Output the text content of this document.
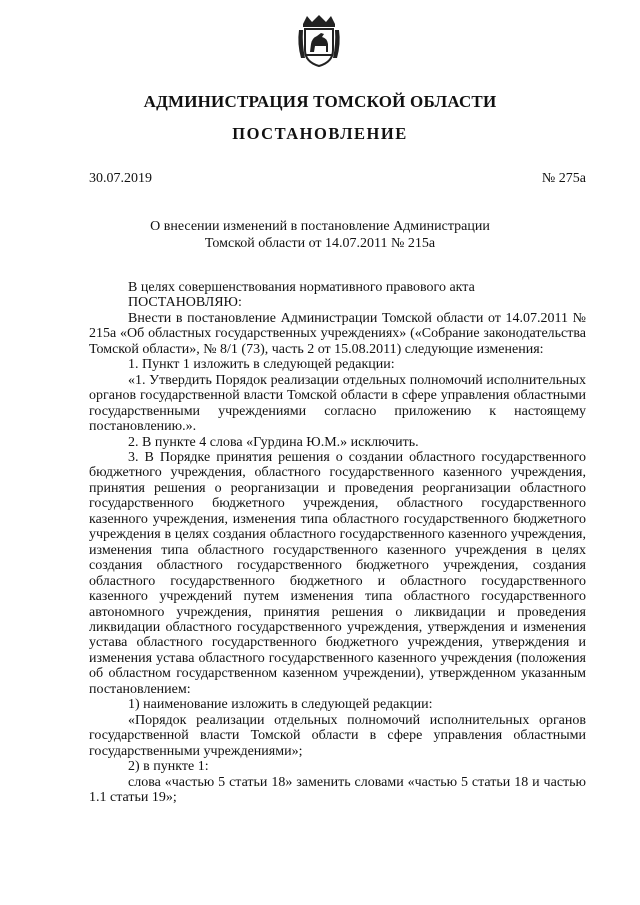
АДМИНИСТРАЦИЯ ТОМСКОЙ ОБЛАСТИ
ПОСТАНОВЛЕНИЕ
30.07.2019	№ 275а
О внесении изменений в постановление Администрации
Томской области от 14.07.2011 № 215а

В целях совершенствования нормативного правового акта

ПОСТАНОВЛЯЮ:

Внести в постановление Администрации Томской области от 14.07.2011 № 215а «Об областных государственных учреждениях» («Собрание законодательства Томской области», № 8/1 (73), часть 2 от 15.08.2011) следующие изменения:

1. Пункт 1 изложить в следующей редакции:

«1. Утвердить Порядок реализации отдельных полномочий исполнительных органов государственной власти Томской области в сфере управления областными государственными учреждениями согласно приложению к настоящему постановлению.».

2. В пункте 4 слова «Гурдина Ю.М.» исключить.

3. В Порядке принятия решения о создании областного государственного бюджетного учреждения, областного государственного казенного учреждения, принятия решения о реорганизации и проведения реорганизации областного государственного бюджетного учреждения, областного государственного казенного учреждения, изменения типа областного государственного бюджетного учреждения в целях создания областного государственного казенного учреждения, изменения типа областного государственного казенного учреждения в целях создания областного государственного бюджетного учреждения, создания областного государственного бюджетного и областного государственного казенного учреждений путем изменения типа областного государственного автономного учреждения, принятия решения о ликвидации и проведения ликвидации областного государственного учреждения, утверждения и изменения устава областного государственного бюджетного учреждения, утверждения и изменения устава областного государственного казенного учреждения (положения об областном государственном казенном учреждении), утвержденном указанным постановлением:

1) наименование изложить в следующей редакции:

«Порядок реализации отдельных полномочий исполнительных органов государственной власти Томской области в сфере управления областными государственными учреждениями»;

2) в пункте 1:

слова «частью 5 статьи 18» заменить словами «частью 5 статьи 18 и частью 1.1 статьи 19»;
